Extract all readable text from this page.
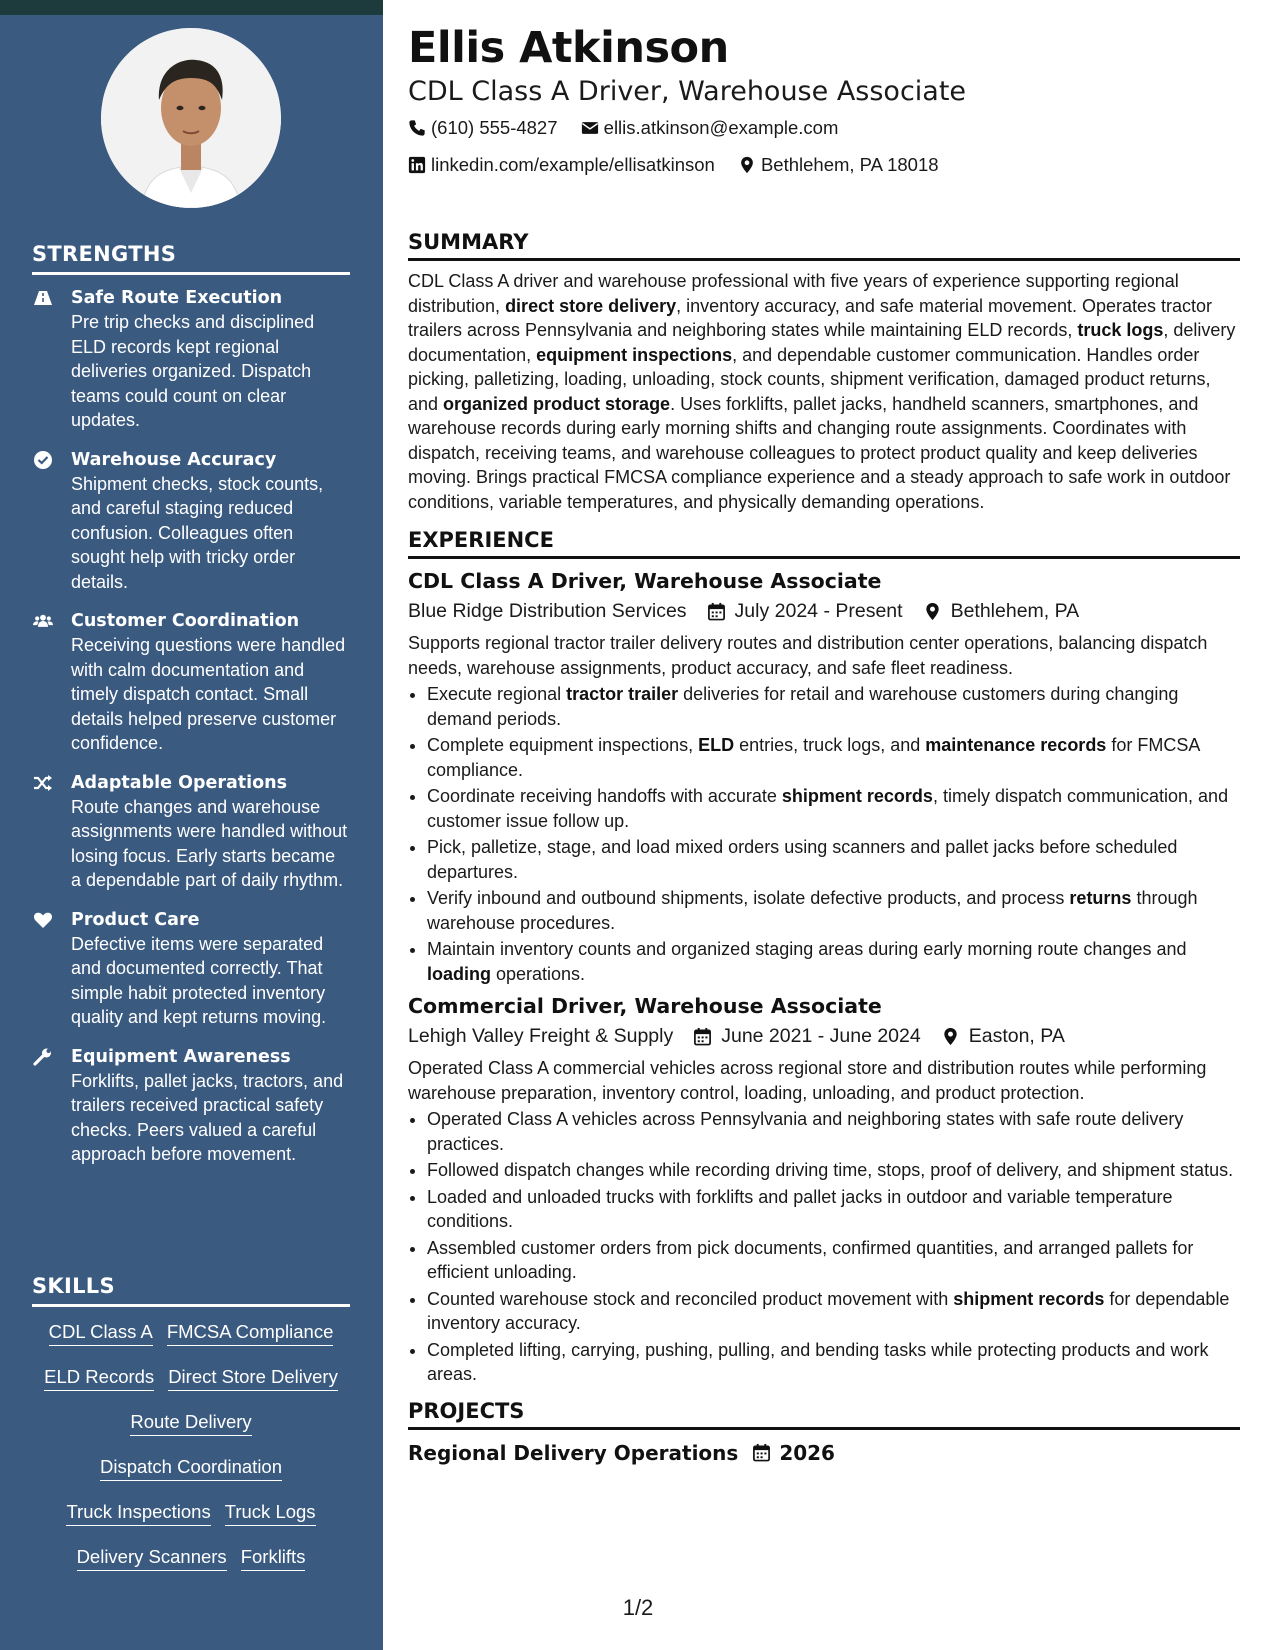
STRENGTHS
Safe Route Execution
Pre trip checks and disciplined ELD records kept regional deliveries organized. Dispatch teams could count on clear updates.
Warehouse Accuracy
Shipment checks, stock counts, and careful staging reduced confusion. Colleagues often sought help with tricky order details.
Customer Coordination
Receiving questions were handled with calm documentation and timely dispatch contact. Small details helped preserve customer confidence.
Adaptable Operations
Route changes and warehouse assignments were handled without losing focus. Early starts became a dependable part of daily rhythm.
Product Care
Defective items were separated and documented correctly. That simple habit protected inventory quality and kept returns moving.
Equipment Awareness
Forklifts, pallet jacks, tractors, and trailers received practical safety checks. Peers valued a careful approach before movement.
SKILLS
CDL Class A FMCSA Compliance
ELD Records Direct Store Delivery
Route Delivery
Dispatch Coordination
Truck Inspections Truck Logs
Delivery Scanners Forklifts
Ellis Atkinson
CDL Class A Driver, Warehouse Associate
(610) 555-4827
ellis.atkinson@example.com
linkedin.com/example/ellisatkinson
Bethlehem, PA 18018
SUMMARY
CDL Class A driver and warehouse professional with five years of experience supporting regional distribution, direct store delivery, inventory accuracy, and safe material movement. Operates tractor trailers across Pennsylvania and neighboring states while maintaining ELD records, truck logs, delivery documentation, equipment inspections, and dependable customer communication. Handles order picking, palletizing, loading, unloading, stock counts, shipment verification, damaged product returns, and organized product storage. Uses forklifts, pallet jacks, handheld scanners, smartphones, and warehouse records during early morning shifts and changing route assignments. Coordinates with dispatch, receiving teams, and warehouse colleagues to protect product quality and keep deliveries moving. Brings practical FMCSA compliance experience and a steady approach to safe work in outdoor conditions, variable temperatures, and physically demanding operations.
EXPERIENCE
CDL Class A Driver, Warehouse Associate
Blue Ridge Distribution Services July 2024 - Present Bethlehem, PA
Supports regional tractor trailer delivery routes and distribution center operations, balancing dispatch needs, warehouse assignments, product accuracy, and safe fleet readiness.
• Execute regional tractor trailer deliveries for retail and warehouse customers during changing demand periods.
• Complete equipment inspections, ELD entries, truck logs, and maintenance records for FMCSA compliance.
• Coordinate receiving handoffs with accurate shipment records, timely dispatch communication, and customer issue follow up.
• Pick, palletize, stage, and load mixed orders using scanners and pallet jacks before scheduled departures.
• Verify inbound and outbound shipments, isolate defective products, and process returns through warehouse procedures.
• Maintain inventory counts and organized staging areas during early morning route changes and loading operations.
Commercial Driver, Warehouse Associate
Lehigh Valley Freight & Supply June 2021 - June 2024 Easton, PA
Operated Class A commercial vehicles across regional store and distribution routes while performing warehouse preparation, inventory control, loading, unloading, and product protection.
• Operated Class A vehicles across Pennsylvania and neighboring states with safe route delivery practices.
• Followed dispatch changes while recording driving time, stops, proof of delivery, and shipment status.
• Loaded and unloaded trucks with forklifts and pallet jacks in outdoor and variable temperature conditions.
• Assembled customer orders from pick documents, confirmed quantities, and arranged pallets for efficient unloading.
• Counted warehouse stock and reconciled product movement with shipment records for dependable inventory accuracy.
• Completed lifting, carrying, pushing, pulling, and bending tasks while protecting products and work areas.
PROJECTS
Regional Delivery Operations 2026
1/2
